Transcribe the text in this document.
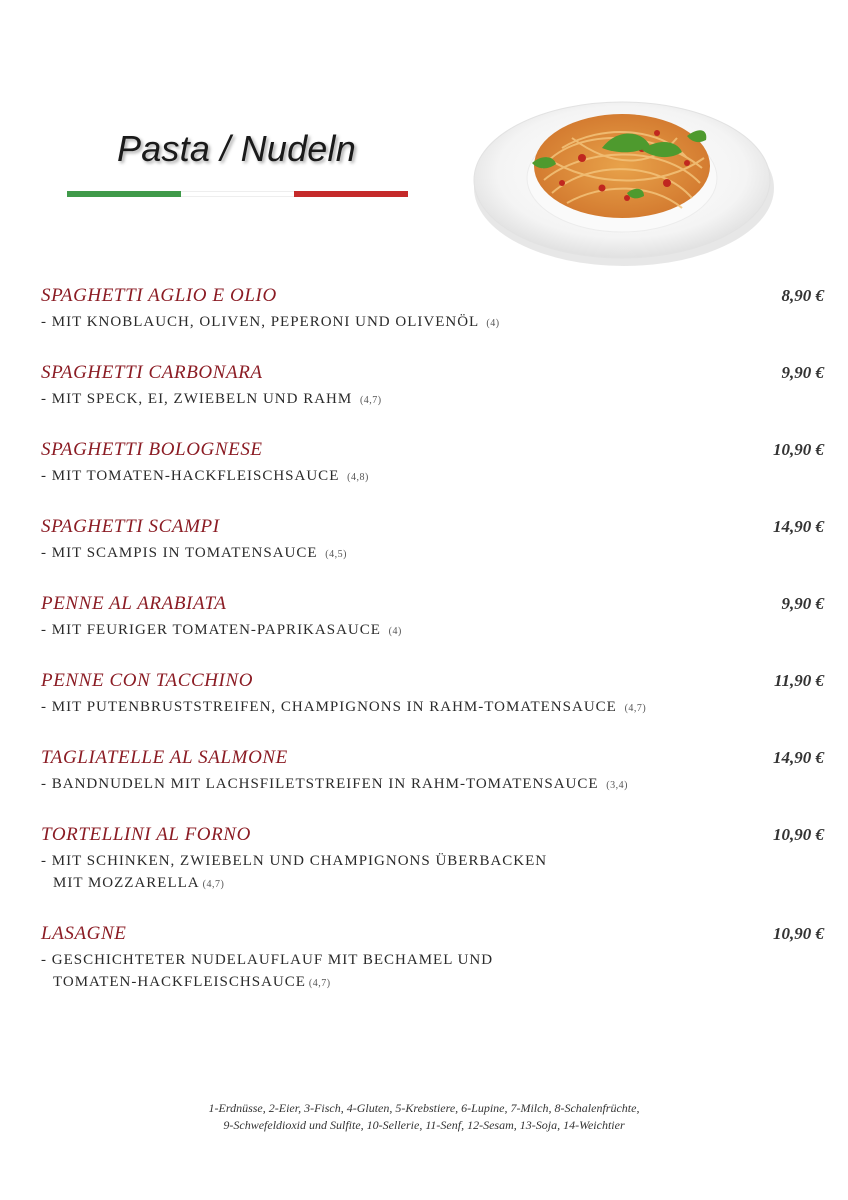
Pasta / Nudeln
SPAGHETTI AGLIO E OLIO	8,90 €
- MIT KNOBLAUCH, OLIVEN, PEPERONI UND OLIVENÖL (4)
SPAGHETTI CARBONARA	9,90 €
- MIT SPECK, EI, ZWIEBELN UND RAHM (4,7)
SPAGHETTI BOLOGNESE	10,90 €
- MIT TOMATEN-HACKFLEISCHSAUCE (4,8)
SPAGHETTI SCAMPI	14,90 €
- MIT SCAMPIS IN TOMATENSAUCE (4,5)
PENNE AL ARABIATA	9,90 €
- MIT FEURIGER TOMATEN-PAPRIKASAUCE (4)
PENNE CON TACCHINO	11,90 €
- MIT PUTENBRUSTSTREIFEN, CHAMPIGNONS IN RAHM-TOMATENSAUCE (4,7)
TAGLIATELLE AL SALMONE	14,90 €
- BANDNUDELN MIT LACHSFILETSTREIFEN IN RAHM-TOMATENSAUCE (3,4)
TORTELLINI AL FORNO	10,90 €
- MIT SCHINKEN, ZWIEBELN UND CHAMPIGNONS ÜBERBACKEN
MIT MOZZARELLA (4,7)
LASAGNE	10,90 €
- GESCHICHTETER NUDELAUFLAUF MIT BECHAMEL UND
TOMATEN-HACKFLEISCHSAUCE (4,7)
1-Erdnüsse, 2-Eier, 3-Fisch, 4-Gluten, 5-Krebstiere, 6-Lupine, 7-Milch, 8-Schalenfrüchte,
9-Schwefeldioxid und Sulfite, 10-Sellerie, 11-Senf, 12-Sesam, 13-Soja, 14-Weichtier
